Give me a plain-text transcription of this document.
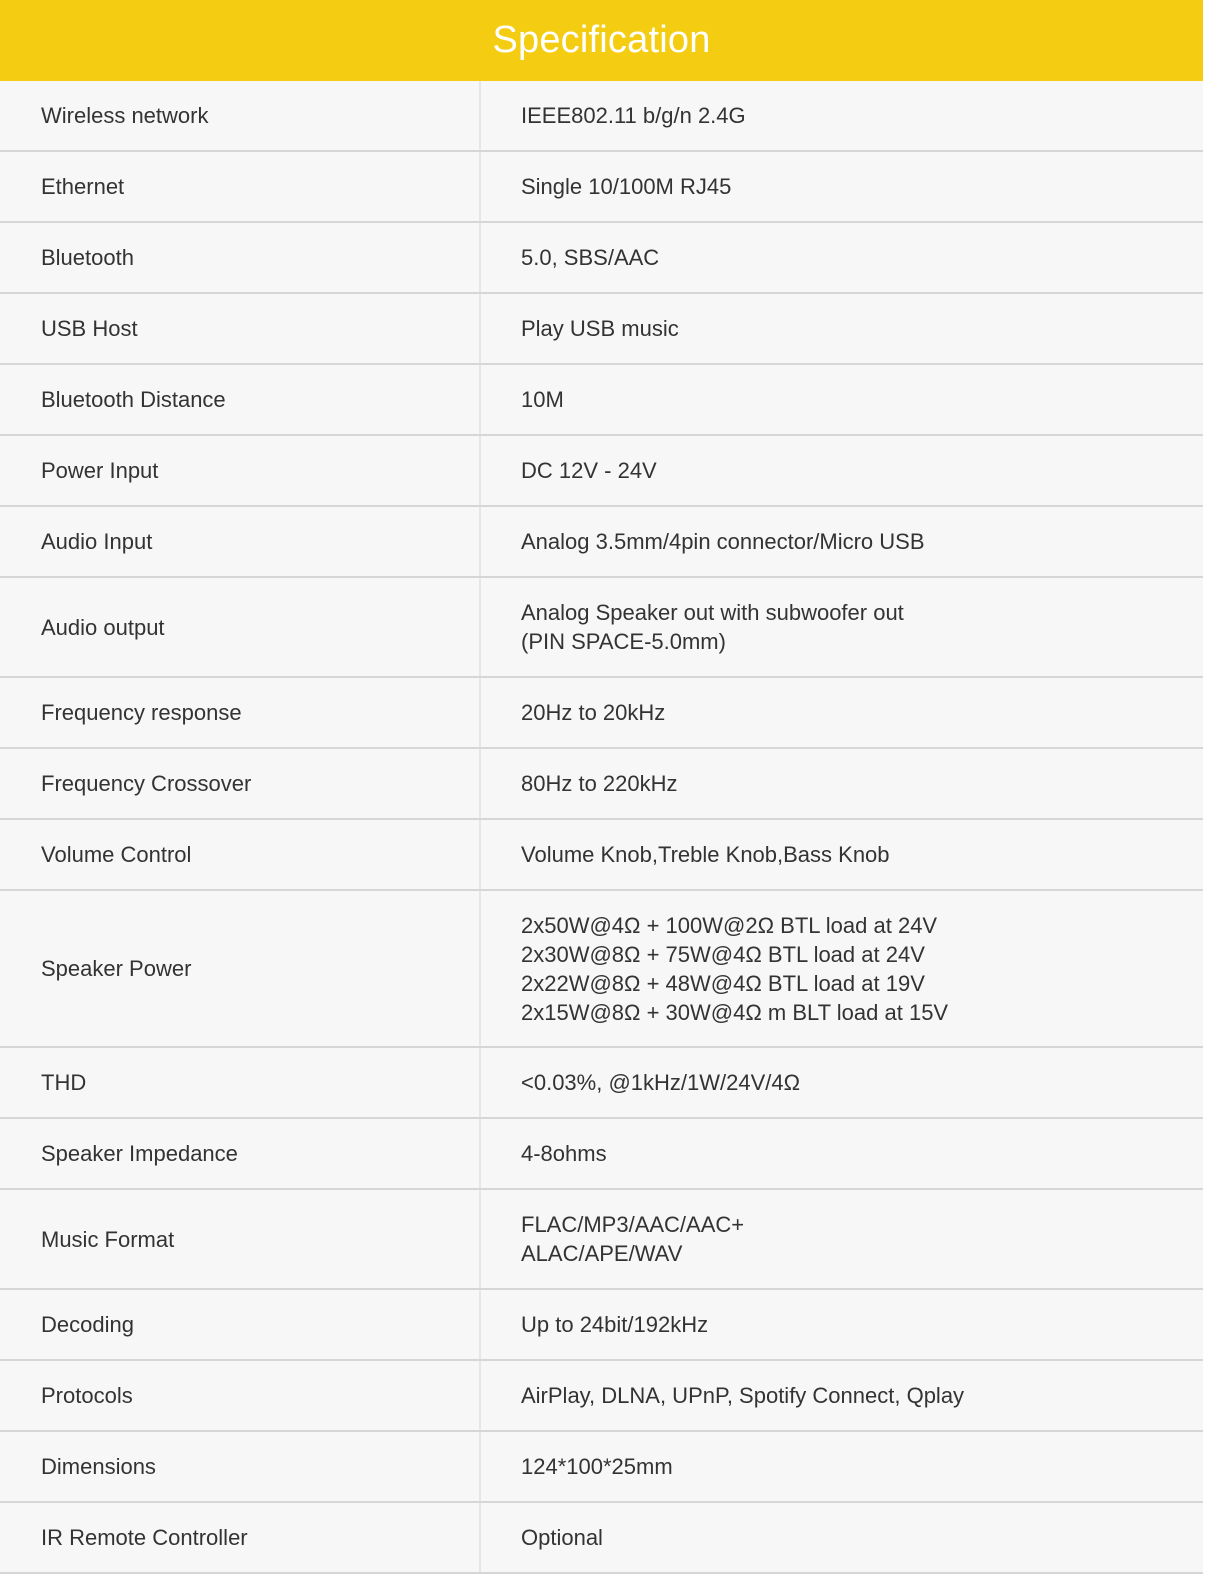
Specification
Wireless network	IEEE802.11 b/g/n 2.4G

Ethernet	Single 10/100M RJ45

Bluetooth	5.0, SBS/AAC

USB Host	Play USB music

Bluetooth Distance	10M

Power Input	DC 12V - 24V

Audio Input	Analog 3.5mm/4pin connector/Micro USB

Audio output	Analog Speaker out with subwoofer out
(PIN SPACE-5.0mm)

Frequency response	20Hz to 20kHz

Frequency Crossover	80Hz to 220kHz

Volume Control	Volume Knob,Treble Knob,Bass Knob

Speaker Power	2x50W@4Ω + 100W@2Ω BTL load at 24V
2x30W@8Ω + 75W@4Ω BTL load at 24V
2x22W@8Ω + 48W@4Ω BTL load at 19V
2x15W@8Ω + 30W@4Ω m BLT load at 15V

THD	<0.03%, @1kHz/1W/24V/4Ω

Speaker Impedance	4-8ohms

Music Format	FLAC/MP3/AAC/AAC+
ALAC/APE/WAV

Decoding	Up to 24bit/192kHz

Protocols	AirPlay, DLNA, UPnP, Spotify Connect, Qplay

Dimensions	124*100*25mm

IR Remote Controller	Optional
